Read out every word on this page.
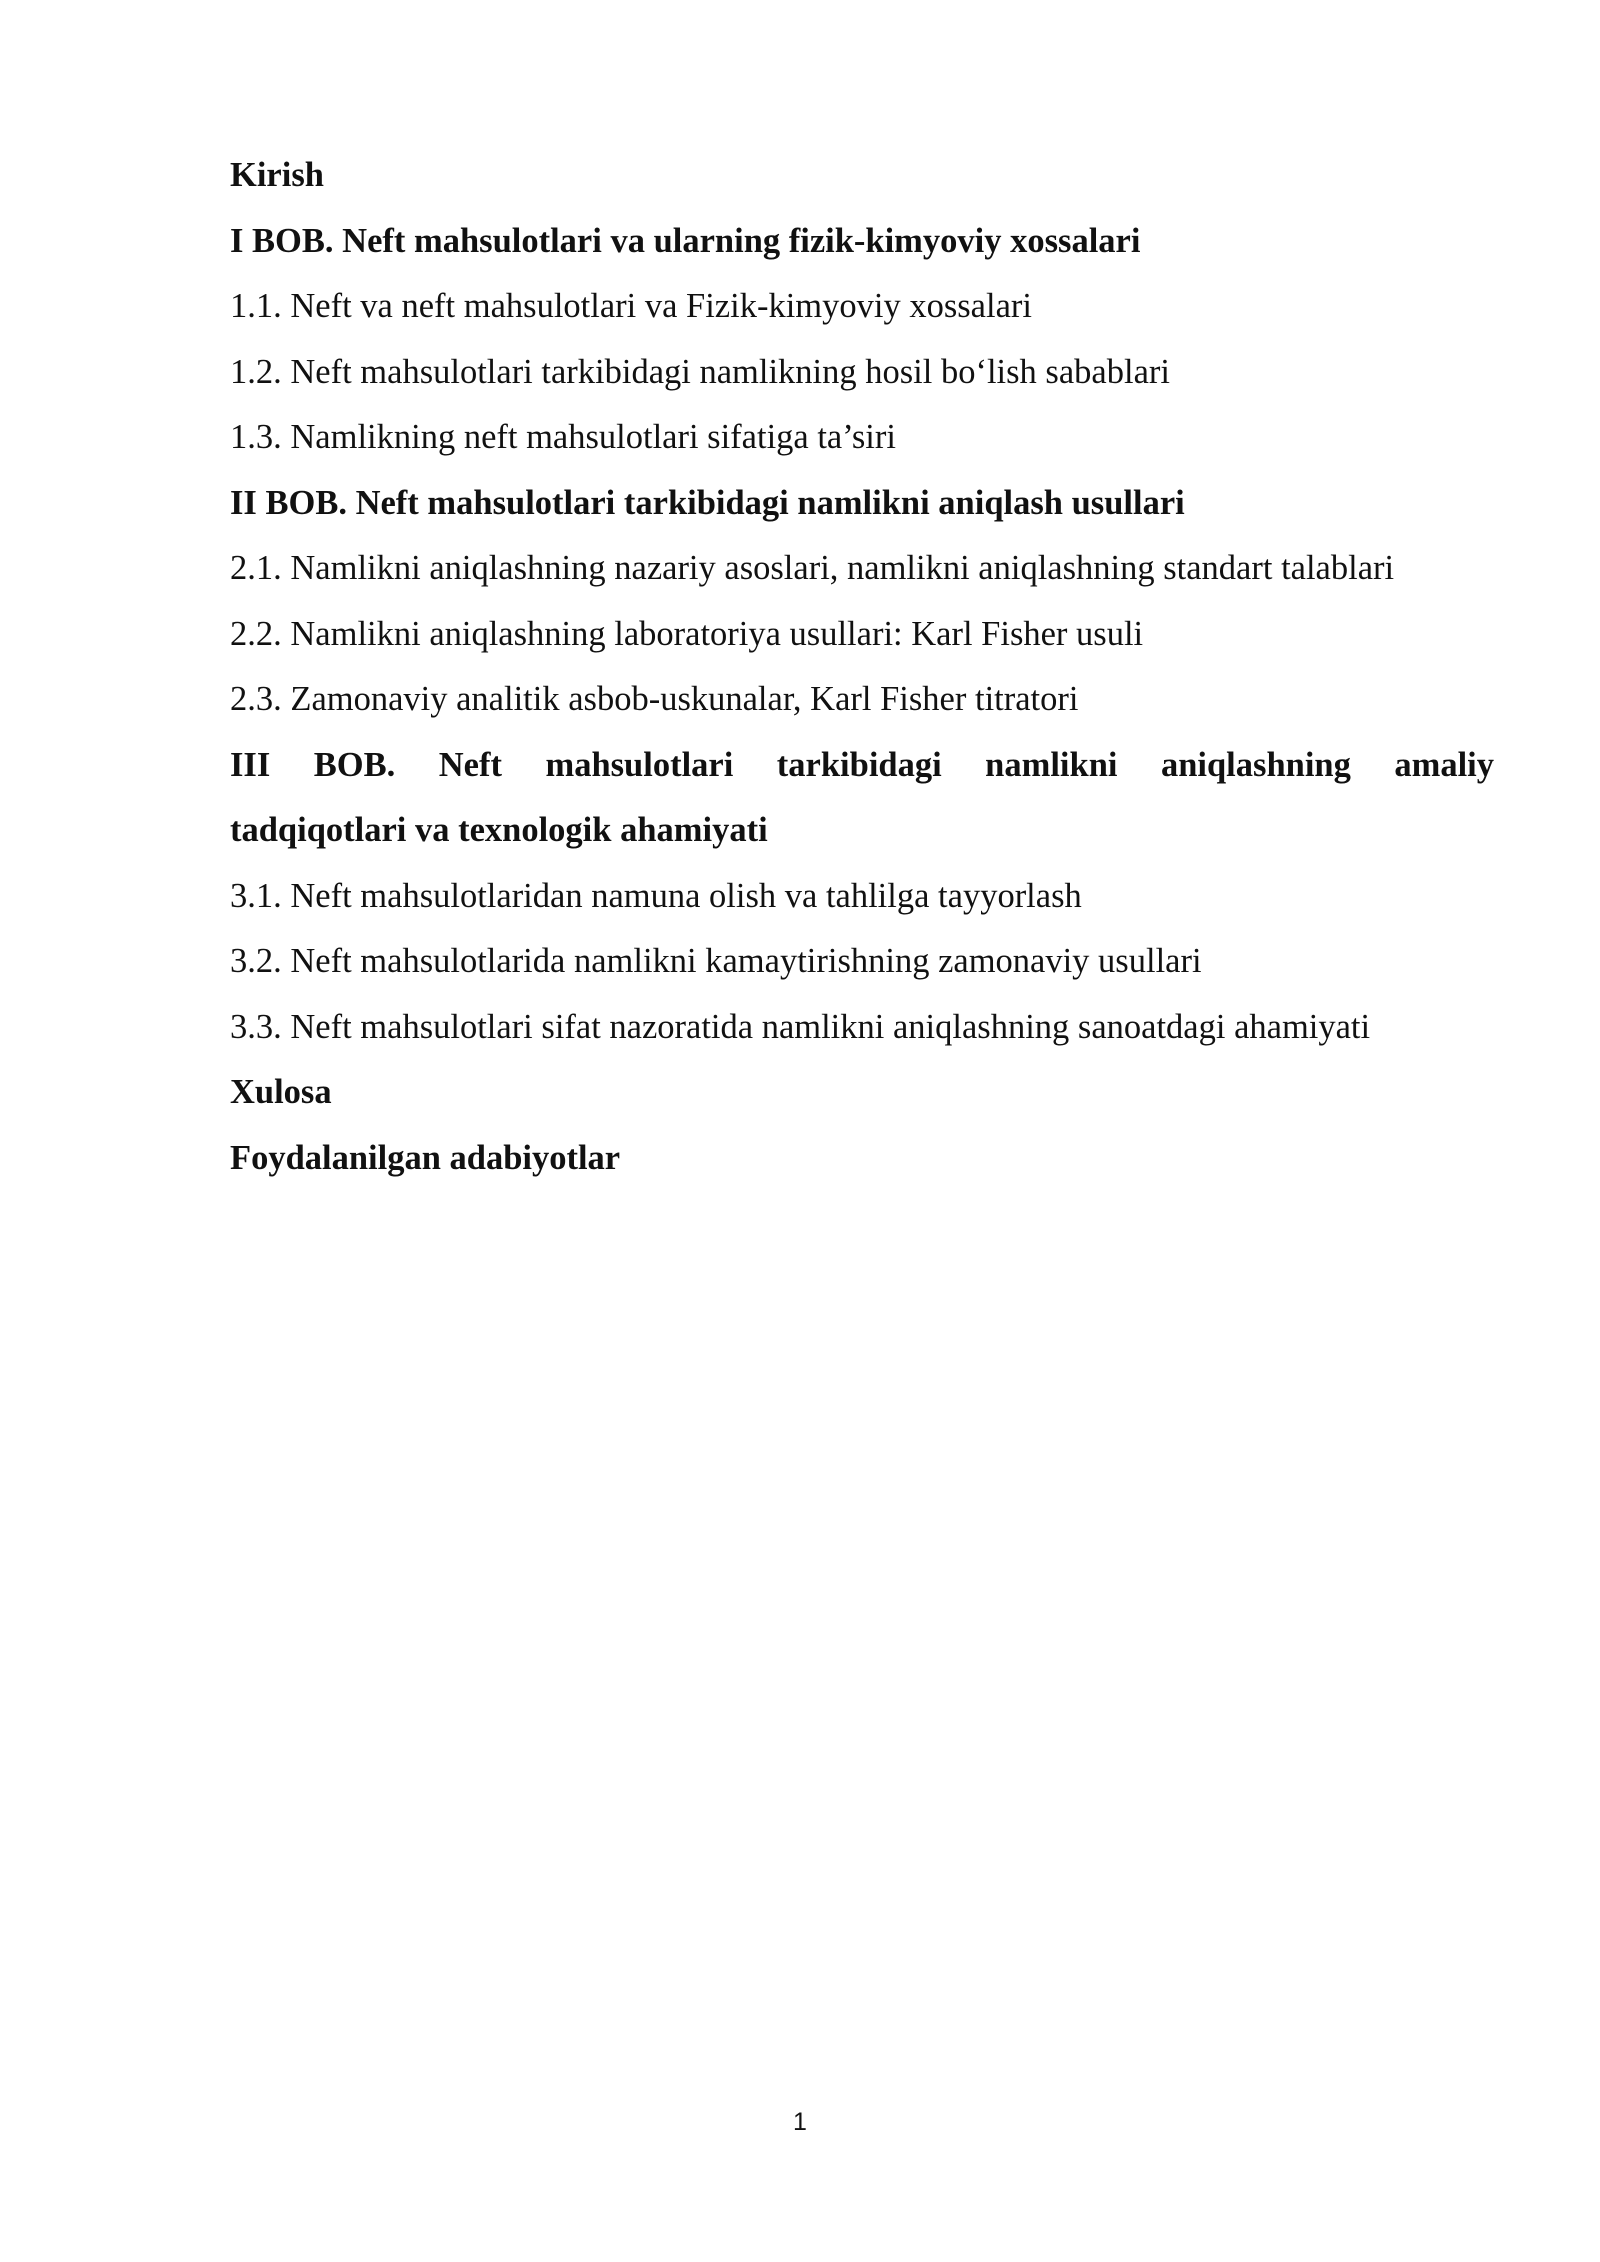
Kirish
I BOB. Neft mahsulotlari va ularning fizik-kimyoviy xossalari
1.1. Neft va neft mahsulotlari va Fizik-kimyoviy xossalari
1.2. Neft mahsulotlari tarkibidagi namlikning hosil bo‘lish sabablari
1.3. Namlikning neft mahsulotlari sifatiga ta’siri
II BOB. Neft mahsulotlari tarkibidagi namlikni aniqlash usullari
2.1. Namlikni aniqlashning nazariy asoslari, namlikni aniqlashning standart talablari
2.2. Namlikni aniqlashning laboratoriya usullari: Karl Fisher usuli
2.3. Zamonaviy analitik asbob-uskunalar, Karl Fisher titratori
III BOB. Neft mahsulotlari tarkibidagi namlikni aniqlashning amaliy
tadqiqotlari va texnologik ahamiyati
3.1. Neft mahsulotlaridan namuna olish va tahlilga tayyorlash
3.2. Neft mahsulotlarida namlikni kamaytirishning zamonaviy usullari
3.3. Neft mahsulotlari sifat nazoratida namlikni aniqlashning sanoatdagi ahamiyati
Xulosa
Foydalanilgan adabiyotlar
1
